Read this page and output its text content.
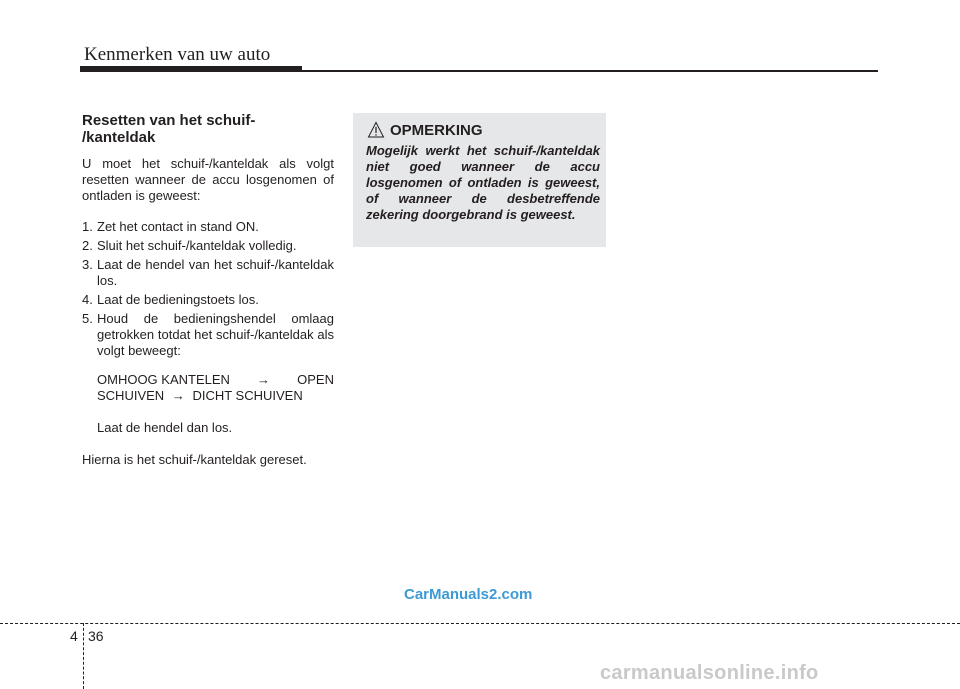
Kenmerken van uw auto
Resetten van het schuif-
/kanteldak

U moet het schuif-/kanteldak als volgt resetten wanneer de accu losgenomen of ontladen is geweest:

1. Zet het contact in stand ON.
2. Sluit het schuif-/kanteldak volledig.
3. Laat de hendel van het schuif-/kanteldak los.
4. Laat de bedieningstoets los.
5. Houd de bedieningshendel omlaag getrokken totdat het schuif-/kanteldak als volgt beweegt:
OMHOOG KANTELEN	→	OPEN
SCHUIVEN → DICHT SCHUIVEN

Laat de hendel dan los.

Hierna is het schuif-/kanteldak gereset.

OPMERKING
Mogelijk werkt het schuif-/kanteldak niet goed wanneer de accu losgenomen of ontladen is geweest, of wanneer de desbetreffende zekering doorgebrand is geweest.
CarManuals2.com
4 36
carmanualsonline.info
